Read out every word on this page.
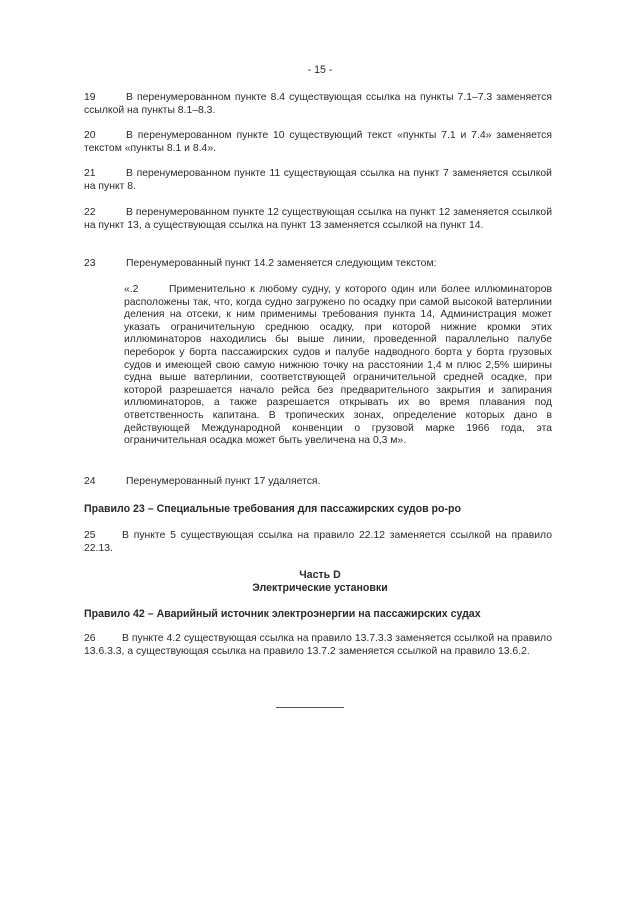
- 15 -
19	В перенумерованном пункте 8.4 существующая ссылка на пункты 7.1–7.3 заменяется ссылкой на пункты 8.1–8.3.
20	В перенумерованном пункте 10 существующий текст «пункты 7.1 и 7.4» заменяется текстом «пункты 8.1 и 8.4».
21	В перенумерованном пункте 11 существующая ссылка на пункт 7 заменяется ссылкой на пункт 8.
22	В перенумерованном пункте 12 существующая ссылка на пункт 12 заменяется ссылкой на пункт 13, а существующая ссылка на пункт 13 заменяется ссылкой на пункт 14.
23	Перенумерованный пункт 14.2 заменяется следующим текстом:
«.2	Применительно к любому судну, у которого один или более иллюминаторов расположены так, что, когда судно загружено по осадку при самой высокой ватерлинии деления на отсеки, к ним применимы требования пункта 14, Администрация может указать ограничительную среднюю осадку, при которой нижние кромки этих иллюминаторов находились бы выше линии, проведенной параллельно палубе переборок у борта пассажирских судов и палубе надводного борта у борта грузовых судов и имеющей свою самую нижнюю точку на расстоянии 1,4 м плюс 2,5% ширины судна выше ватерлинии, соответствующей ограничительной средней осадке, при которой разрешается начало рейса без предварительного закрытия и запирания иллюминаторов, а также разрешается открывать их во время плавания под ответственность капитана. В тропических зонах, определение которых дано в действующей Международной конвенции о грузовой марке 1966 года, эта ограничительная осадка может быть увеличена на 0,3 м».
24	Перенумерованный пункт 17 удаляется.
Правило 23 – Специальные требования для пассажирских судов ро-ро
25	В пункте 5 существующая ссылка на правило 22.12 заменяется ссылкой на правило 22.13.
Часть D
Электрические установки
Правило 42 – Аварийный источник электроэнергии на пассажирских судах
26	В пункте 4.2 существующая ссылка на правило 13.7.3.3 заменяется ссылкой на правило 13.6.3.3, а существующая ссылка на правило 13.7.2 заменяется ссылкой на правило 13.6.2.
